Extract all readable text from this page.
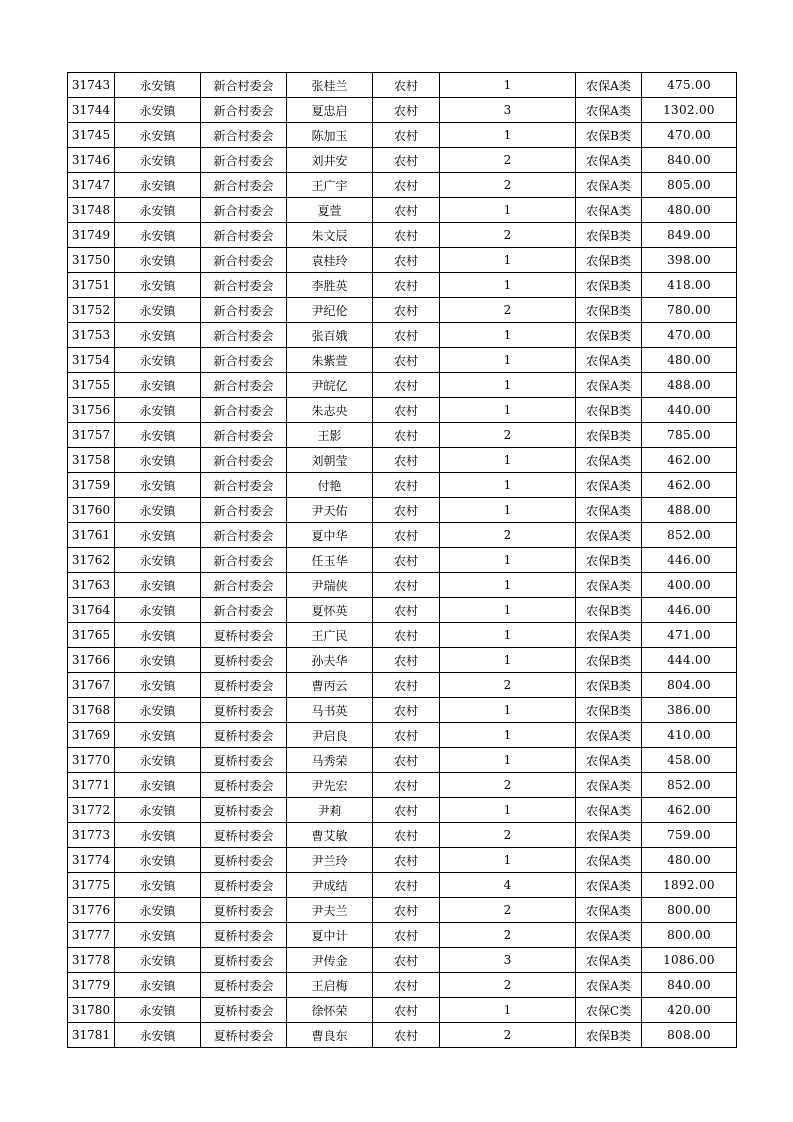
31743	永安镇	新合村委会	张桂兰	农村	1	农保A类	475.00
31744	永安镇	新合村委会	夏忠启	农村	3	农保A类	1302.00
31745	永安镇	新合村委会	陈加玉	农村	1	农保B类	470.00
31746	永安镇	新合村委会	刘井安	农村	2	农保A类	840.00
31747	永安镇	新合村委会	王广宇	农村	2	农保A类	805.00
31748	永安镇	新合村委会	夏萱	农村	1	农保A类	480.00
31749	永安镇	新合村委会	朱文辰	农村	2	农保B类	849.00
31750	永安镇	新合村委会	袁桂玲	农村	1	农保B类	398.00
31751	永安镇	新合村委会	李胜英	农村	1	农保B类	418.00
31752	永安镇	新合村委会	尹纪伦	农村	2	农保B类	780.00
31753	永安镇	新合村委会	张百娥	农村	1	农保B类	470.00
31754	永安镇	新合村委会	朱紫萱	农村	1	农保A类	480.00
31755	永安镇	新合村委会	尹皖亿	农村	1	农保A类	488.00
31756	永安镇	新合村委会	朱志央	农村	1	农保B类	440.00
31757	永安镇	新合村委会	王影	农村	2	农保B类	785.00
31758	永安镇	新合村委会	刘朝莹	农村	1	农保A类	462.00
31759	永安镇	新合村委会	付艳	农村	1	农保A类	462.00
31760	永安镇	新合村委会	尹天佑	农村	1	农保A类	488.00
31761	永安镇	新合村委会	夏中华	农村	2	农保A类	852.00
31762	永安镇	新合村委会	任玉华	农村	1	农保B类	446.00
31763	永安镇	新合村委会	尹瑞侠	农村	1	农保A类	400.00
31764	永安镇	新合村委会	夏怀英	农村	1	农保B类	446.00
31765	永安镇	夏桥村委会	王广民	农村	1	农保A类	471.00
31766	永安镇	夏桥村委会	孙夫华	农村	1	农保B类	444.00
31767	永安镇	夏桥村委会	曹丙云	农村	2	农保B类	804.00
31768	永安镇	夏桥村委会	马书英	农村	1	农保B类	386.00
31769	永安镇	夏桥村委会	尹启良	农村	1	农保A类	410.00
31770	永安镇	夏桥村委会	马秀荣	农村	1	农保A类	458.00
31771	永安镇	夏桥村委会	尹先宏	农村	2	农保A类	852.00
31772	永安镇	夏桥村委会	尹莉	农村	1	农保A类	462.00
31773	永安镇	夏桥村委会	曹艾敏	农村	2	农保A类	759.00
31774	永安镇	夏桥村委会	尹兰玲	农村	1	农保A类	480.00
31775	永安镇	夏桥村委会	尹成结	农村	4	农保A类	1892.00
31776	永安镇	夏桥村委会	尹夫兰	农村	2	农保A类	800.00
31777	永安镇	夏桥村委会	夏中计	农村	2	农保A类	800.00
31778	永安镇	夏桥村委会	尹传金	农村	3	农保A类	1086.00
31779	永安镇	夏桥村委会	王启梅	农村	2	农保A类	840.00
31780	永安镇	夏桥村委会	徐怀荣	农村	1	农保C类	420.00
31781	永安镇	夏桥村委会	曹良东	农村	2	农保B类	808.00
